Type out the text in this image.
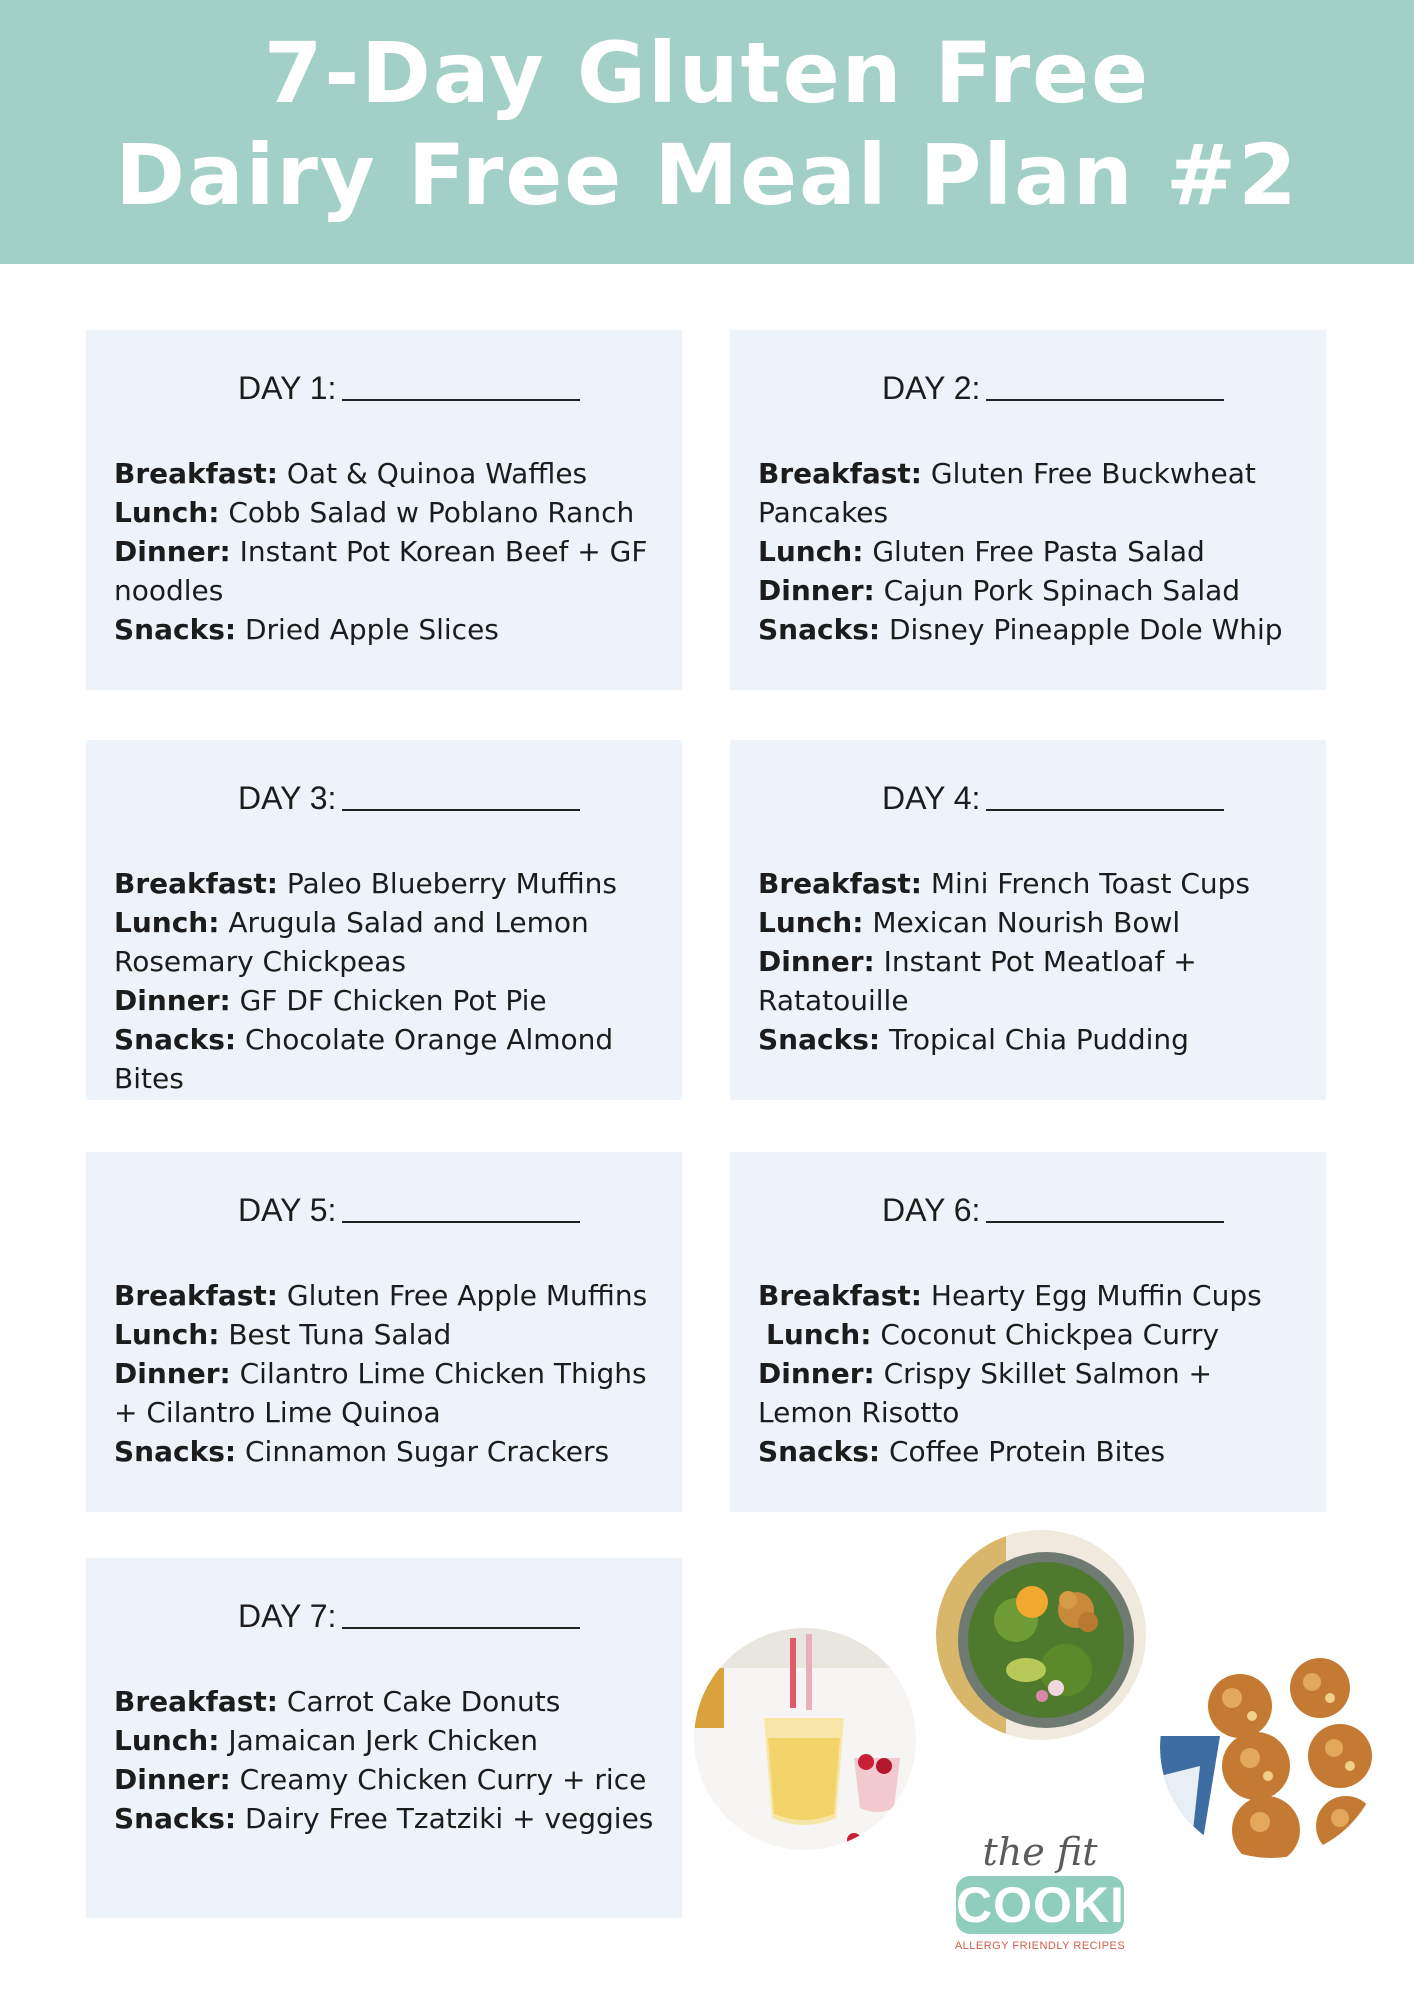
7-Day Gluten Free
Dairy Free Meal Plan #2
DAY 1:

Breakfast: Oat & Quinoa Waffles

Lunch: Cobb Salad w Poblano Ranch

Dinner: Instant Pot Korean Beef + GF noodles

Snacks: Dried Apple Slices

DAY 2:

Breakfast: Gluten Free Buckwheat Pancakes

Lunch: Gluten Free Pasta Salad

Dinner: Cajun Pork Spinach Salad

Snacks: Disney Pineapple Dole Whip

DAY 3:

Breakfast: Paleo Blueberry Muffins

Lunch: Arugula Salad and Lemon Rosemary Chickpeas

Dinner: GF DF Chicken Pot Pie

Snacks: Chocolate Orange Almond Bites

DAY 4:

Breakfast: Mini French Toast Cups

Lunch: Mexican Nourish Bowl

Dinner: Instant Pot Meatloaf + Ratatouille

Snacks: Tropical Chia Pudding

DAY 5:

Breakfast: Gluten Free Apple Muffins

Lunch: Best Tuna Salad

Dinner: Cilantro Lime Chicken Thighs + Cilantro Lime Quinoa

Snacks: Cinnamon Sugar Crackers

DAY 6:

Breakfast: Hearty Egg Muffin Cups

Lunch: Coconut Chickpea Curry

Dinner: Crispy Skillet Salmon + Lemon Risotto

Snacks: Coffee Protein Bites

DAY 7:

Breakfast: Carrot Cake Donuts

Lunch: Jamaican Jerk Chicken

Dinner: Creamy Chicken Curry + rice

Snacks: Dairy Free Tzatziki + veggies

the fit
COOKIE
ALLERGY FRIENDLY RECIPES
